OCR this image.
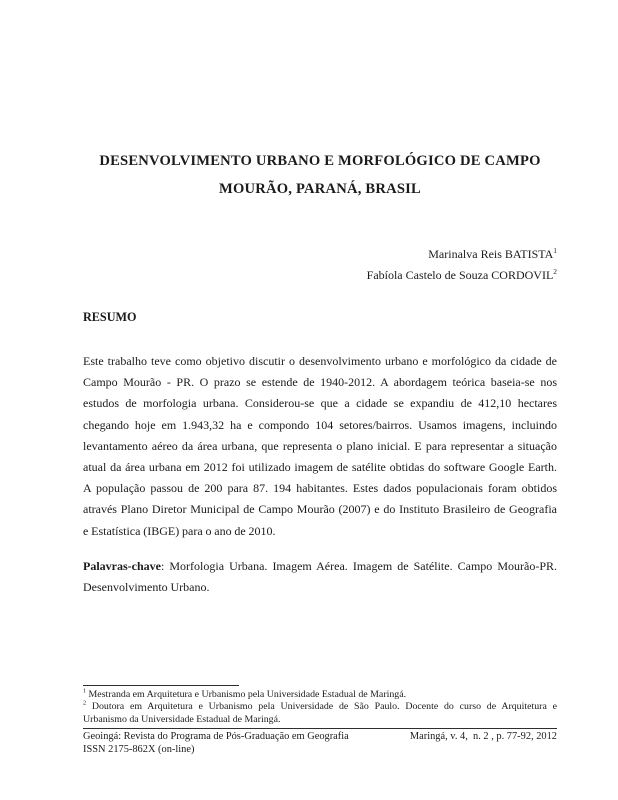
DESENVOLVIMENTO URBANO E MORFOLÓGICO DE CAMPO
MOURÃO, PARANÁ, BRASIL
Marinalva Reis BATISTA$^1$
Fabíola Castelo de Souza CORDOVIL$^2$
RESUMO
Este trabalho teve como objetivo discutir o desenvolvimento urbano e morfológico da cidade de
Campo Mourão - PR. O prazo se estende de 1940-2012. A abordagem teórica baseia-se nos
estudos de morfologia urbana. Considerou-se que a cidade se expandiu de 412,10 hectares
chegando hoje em 1.943,32 ha e compondo 104 setores/bairros. Usamos imagens, incluindo
levantamento aéreo da área urbana, que representa o plano inicial. E para representar a situação
atual da área urbana em 2012 foi utilizado imagem de satélite obtidas do software Google Earth.
A população passou de 200 para 87. 194 habitantes. Estes dados populacionais foram obtidos
através Plano Diretor Municipal de Campo Mourão (2007) e do Instituto Brasileiro de Geografia
e Estatística (IBGE) para o ano de 2010.
Palavras-chave: Morfologia Urbana. Imagem Aérea. Imagem de Satélite. Campo Mourão-PR.
Desenvolvimento Urbano.
$^1$ Mestranda em Arquitetura e Urbanismo pela Universidade Estadual de Maringá.
$^2$ Doutora em Arquitetura e Urbanismo pela Universidade de São Paulo. Docente do curso de Arquitetura e
Urbanismo da Universidade Estadual de Maringá.
Geoingá: Revista do Programa de Pós-Graduação em Geografia	Maringá, v. 4,  n. 2 , p. 77-92, 2012
ISSN 2175-862X (on-line)
